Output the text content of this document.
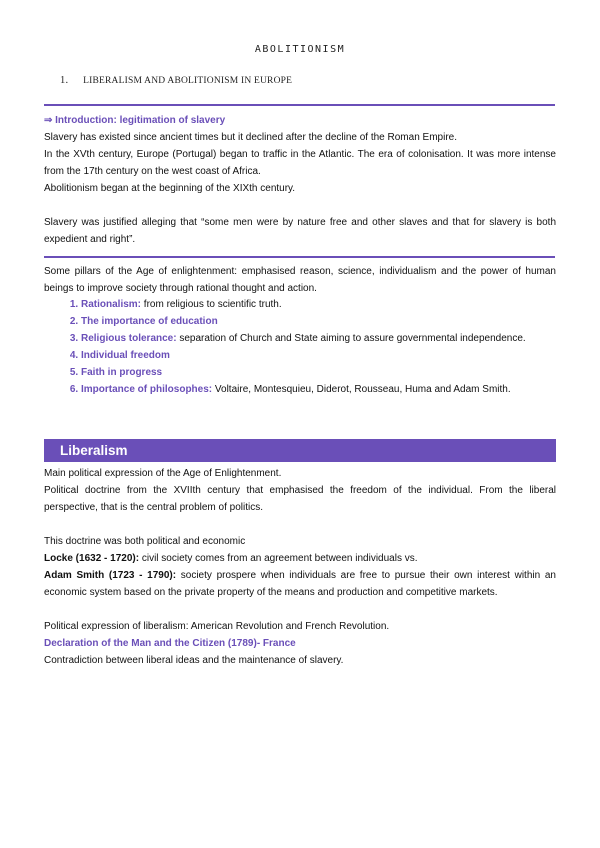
ABOLITIONISM
1. LIBERALISM AND ABOLITIONISM IN EUROPE
⇒ Introduction: legitimation of slavery
Slavery has existed since ancient times but it declined after the decline of the Roman Empire.
In the XVth century, Europe (Portugal) began to traffic in the Atlantic. The era of colonisation. It was more intense from the 17th century on the west coast of Africa.
Abolitionism began at the beginning of the XIXth century.
Slavery was justified alleging that “some men were by nature free and other slaves and that for slavery is both expedient and right”.
Some pillars of the Age of enlightenment: emphasised reason, science, individualism and the power of human beings to improve society through rational thought and action.
1. Rationalism: from religious to scientific truth.
2. The importance of education
3. Religious tolerance: separation of Church and State aiming to assure governmental independence.
4. Individual freedom
5. Faith in progress
6. Importance of philosophes: Voltaire, Montesquieu, Diderot, Rousseau, Huma and Adam Smith.
Liberalism
Main political expression of the Age of Enlightenment.
Political doctrine from the XVIIth century that emphasised the freedom of the individual. From the liberal perspective, that is the central problem of politics.
This doctrine was both political and economic
Locke (1632 - 1720): civil society comes from an agreement between individuals vs.
Adam Smith (1723 - 1790): society prospere when individuals are free to pursue their own interest within an economic system based on the private property of the means and production and competitive markets.
Political expression of liberalism: American Revolution and French Revolution.
Declaration of the Man and the Citizen (1789)- France
Contradiction between liberal ideas and the maintenance of slavery.
